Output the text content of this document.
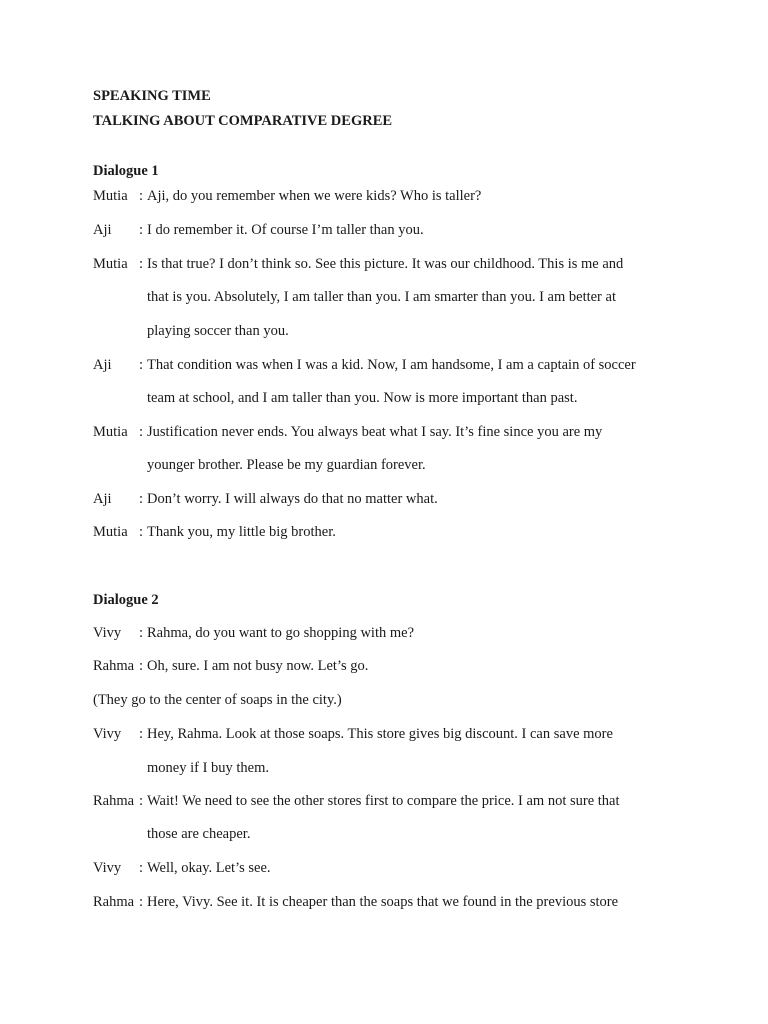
SPEAKING TIME
TALKING ABOUT COMPARATIVE DEGREE
Dialogue 1
Mutia : Aji, do you remember when we were kids? Who is taller?
Aji : I do remember it. Of course I’m taller than you.
Mutia : Is that true? I don’t think so. See this picture. It was our childhood. This is me and
that is you. Absolutely, I am taller than you. I am smarter than you. I am better at
playing soccer than you.
Aji : That condition was when I was a kid. Now, I am handsome, I am a captain of soccer
team at school, and I am taller than you. Now is more important than past.
Mutia : Justification never ends. You always beat what I say. It’s fine since you are my
younger brother. Please be my guardian forever.
Aji : Don’t worry. I will always do that no matter what.
Mutia : Thank you, my little big brother.
Dialogue 2
Vivy : Rahma, do you want to go shopping with me?
Rahma : Oh, sure. I am not busy now. Let’s go.
(They go to the center of soaps in the city.)
Vivy : Hey, Rahma. Look at those soaps. This store gives big discount. I can save more
money if I buy them.
Rahma : Wait! We need to see the other stores first to compare the price. I am not sure that
those are cheaper.
Vivy : Well, okay. Let’s see.
Rahma : Here, Vivy. See it. It is cheaper than the soaps that we found in the previous store
